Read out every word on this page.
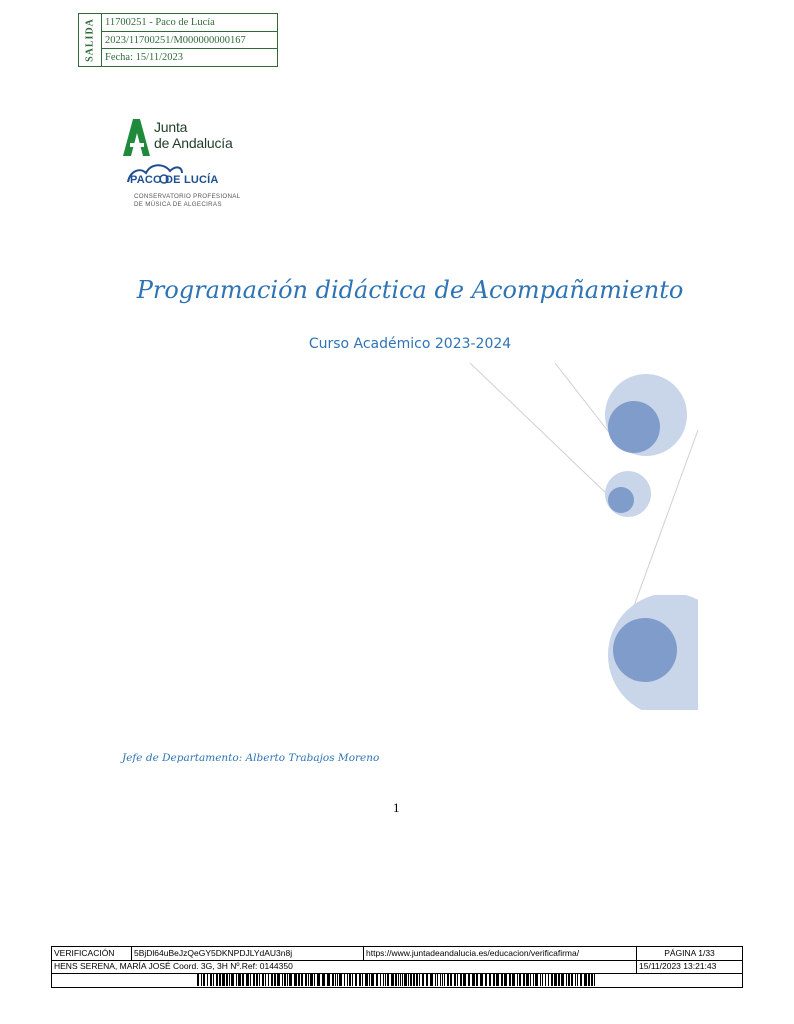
SALIDA 11700251 - Paco de Lucía
2023/11700251/M000000000167
Fecha: 15/11/2023
Junta
de Andalucía
PACO DE LUCÍA
CONSERVATORIO PROFESIONAL
DE MÚSICA DE ALGECIRAS
Programación didáctica de Acompañamiento
Curso Académico 2023-2024
Jefe de Departamento: Alberto Trabajos Moreno
1
VERIFICACIÓN	5BjDl64uBeJzQeGY5DKNPDJLYdAU3n8j	https://www.juntadeandalucia.es/educacion/verificafirma/	PÁGINA 1/33
HENS SERENA, MARÍA JOSÉ Coord. 3G, 3H Nº.Ref: 0144350	15/11/2023 13:21:43
